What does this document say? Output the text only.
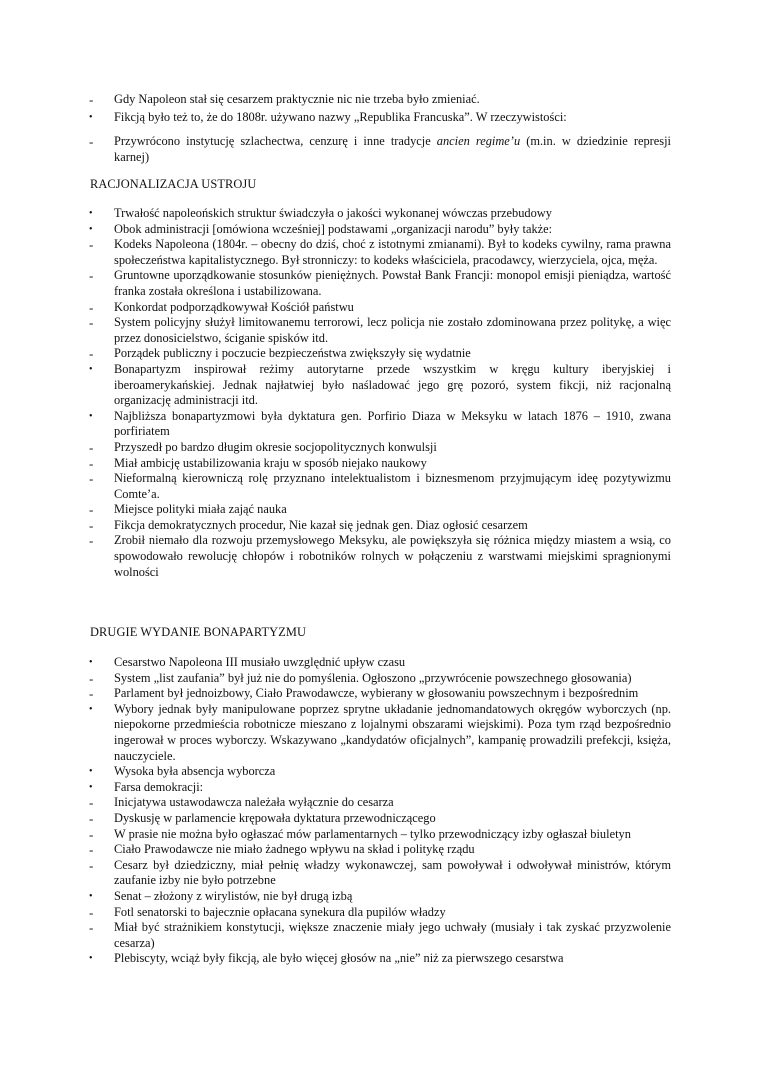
-	Gdy Napoleon stał się cesarzem praktycznie nic nie trzeba było zmieniać.

•	Fikcją było też to, że do 1808r. używano nazwy „Republika Francuska”. W rzeczywistości:

-	Przywrócono instytucję szlachectwa, cenzurę i inne tradycje ancien regime’u (m.in. w dziedzinie represji karnej)

RACJONALIZACJA USTROJU

•	Trwałość napoleońskich struktur świadczyła o jakości wykonanej wówczas przebudowy

•	Obok administracji [omówiona wcześniej] podstawami „organizacji narodu” były także:

-	Kodeks Napoleona (1804r. – obecny do dziś, choć z istotnymi zmianami). Był to kodeks cywilny, rama prawna społeczeństwa kapitalistycznego. Był stronniczy: to kodeks właściciela, pracodawcy, wierzyciela, ojca, męża.

-	Gruntowne uporządkowanie stosunków pieniężnych. Powstał Bank Francji: monopol emisji pieniądza, wartość franka została określona i ustabilizowana.

-	Konkordat podporządkowywał Kościół państwu

-	System policyjny służył limitowanemu terrorowi, lecz policja nie zostało zdominowana przez politykę, a więc przez donosicielstwo, ściganie spisków itd.

-	Porządek publiczny i poczucie bezpieczeństwa zwiększyły się wydatnie

•	Bonapartyzm inspirował reżimy autorytarne przede wszystkim w kręgu kultury iberyjskiej i iberoamerykańskiej. Jednak najłatwiej było naśladować jego grę pozoró, system fikcji, niż racjonalną organizację administracji itd.

•	Najbliższa bonapartyzmowi była dyktatura gen. Porfirio Diaza w Meksyku w latach 1876 – 1910, zwana porfiriatem

-	Przyszedł po bardzo długim okresie socjopolitycznych konwulsji

-	Miał ambicję ustabilizowania kraju w sposób niejako naukowy

-	Nieformalną kierowniczą rolę przyznano intelektualistom i biznesmenom przyjmującym ideę pozytywizmu Comte’a.

-	Miejsce polityki miała zająć nauka

-	Fikcja demokratycznych procedur, Nie kazał się jednak gen. Diaz ogłosić cesarzem

-	Zrobił niemało dla rozwoju przemysłowego Meksyku, ale powiększyła się różnica między miastem a wsią, co spowodowało rewolucję chłopów i robotników rolnych w połączeniu z warstwami miejskimi spragnionymi wolności

DRUGIE WYDANIE BONAPARTYZMU

•	Cesarstwo Napoleona III musiało uwzględnić upływ czasu

-	System „list zaufania” był już nie do pomyślenia. Ogłoszono „przywrócenie powszechnego głosowania)

-	Parlament był jednoizbowy, Ciało Prawodawcze, wybierany w głosowaniu powszechnym i bezpośrednim

•	Wybory jednak były manipulowane poprzez sprytne układanie jednomandatowych okręgów wyborczych (np. niepokorne przedmieścia robotnicze mieszano z lojalnymi obszarami wiejskimi). Poza tym rząd bezpośrednio ingerował w proces wyborczy. Wskazywano „kandydatów oficjalnych”, kampanię prowadzili prefekcji, księża, nauczyciele.

•	Wysoka była absencja wyborcza

•	Farsa demokracji:

-	Inicjatywa ustawodawcza należała wyłącznie do cesarza

-	Dyskusję w parlamencie krępowała dyktatura przewodniczącego

-	W prasie nie można było ogłaszać mów parlamentarnych – tylko przewodniczący izby ogłaszał biuletyn

-	Ciało Prawodawcze nie miało żadnego wpływu na skład i politykę rządu

-	Cesarz był dziedziczny, miał pełnię władzy wykonawczej, sam powoływał i odwoływał ministrów, którym zaufanie izby nie było potrzebne

•	Senat – złożony z wirylistów, nie był drugą izbą

-	Fotl senatorski to bajecznie opłacana synekura dla pupilów władzy

-	Miał być strażnikiem konstytucji, większe znaczenie miały jego uchwały (musiały i tak zyskać przyzwolenie cesarza)

•	Plebiscyty, wciąż były fikcją, ale było więcej głosów na „nie” niż za pierwszego cesarstwa
